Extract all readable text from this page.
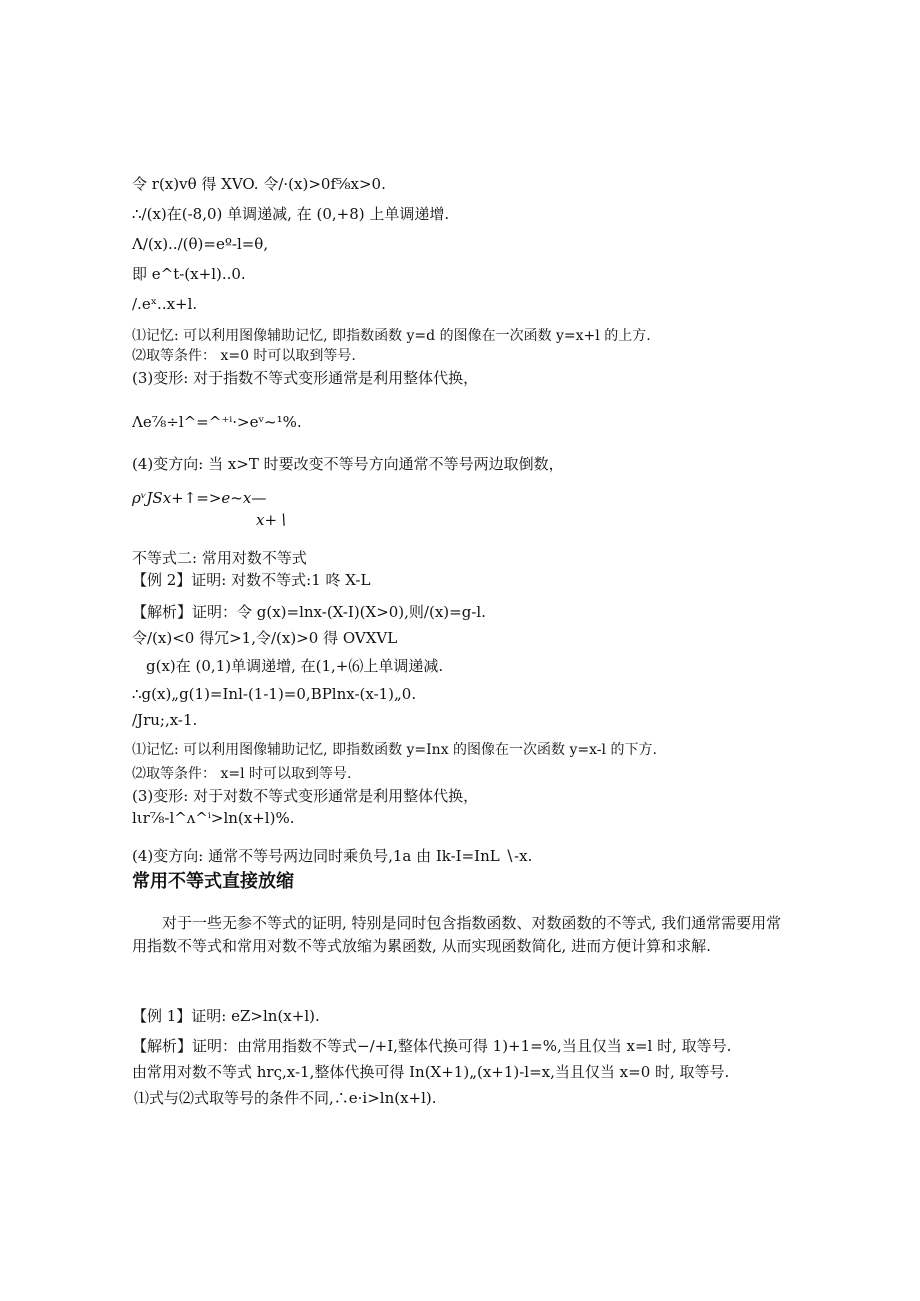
令 r(x)vθ 得 XVO. 令/·(x)>0f⅝x>0.
∴∕(x)在(-8,0) 单调递减, 在 (0,+8) 上单调递增.
Λ∕(x)..∕(θ)=eº-l=θ,
即 e^t-(x+l)..0.
/.eˣ..x+l.
⑴记忆: 可以利用图像辅助记忆, 即指数函数 y=d 的图像在一次函数 y=x+l 的上方.
⑵取等条件： x=0 时可以取到等号.
(3)变形: 对于指数不等式变形通常是利用整体代换，
Λe⅞÷l^=^⁺ⁱ·>eᵛ~¹%.
(4)变方向: 当 x>T 时要改变不等号方向通常不等号两边取倒数，
ρᵛJSx+↑=>e~x—
x+∖
不等式二: 常用对数不等式
【例 2】证明: 对数不等式:1 咚 X-L
【解析】证明：令 g(x)=lnx-(X-I)(X>0),则/(x)=g-l.
令/(x)<0 得冗>1,令/(x)>0 得 OVXVL
g(x)在 (0,1)单调递增, 在(1,+⑹上单调递减.
∴g(x)„g(1)=Inl-(1-1)=0,BPlnx-(x-1)„0.
/Jru;,x-1.
⑴记忆: 可以利用图像辅助记忆, 即指数函数 y=Inx 的图像在一次函数 y=x-l 的下方.
⑵取等条件： x=l 时可以取到等号.
(3)变形: 对于对数不等式变形通常是利用整体代换，
lιr⅞-l^ʌ^ⁱ>ln(x+l)%.
(4)变方向: 通常不等号两边同时乘负号,1a 由 Ik-I=InL ∖-x.
常用不等式直接放缩
对于一些无参不等式的证明, 特别是同时包含指数函数、对数函数的不等式, 我们通常需要用常用指数不等式和常用对数不等式放缩为累函数, 从而实现函数简化, 进而方便计算和求解.
【例 1】证明: eZ>ln(x+l).
【解析】证明：由常用指数不等式−∕+I,整体代换可得 1)+1=%,当且仅当 x=l 时, 取等号.
由常用对数不等式 hrς,x-1,整体代换可得 In(X+1)„(x+1)-l=x,当且仅当 x=0 时, 取等号.
⑴式与⑵式取等号的条件不同,∴e·i>ln(x+l).
